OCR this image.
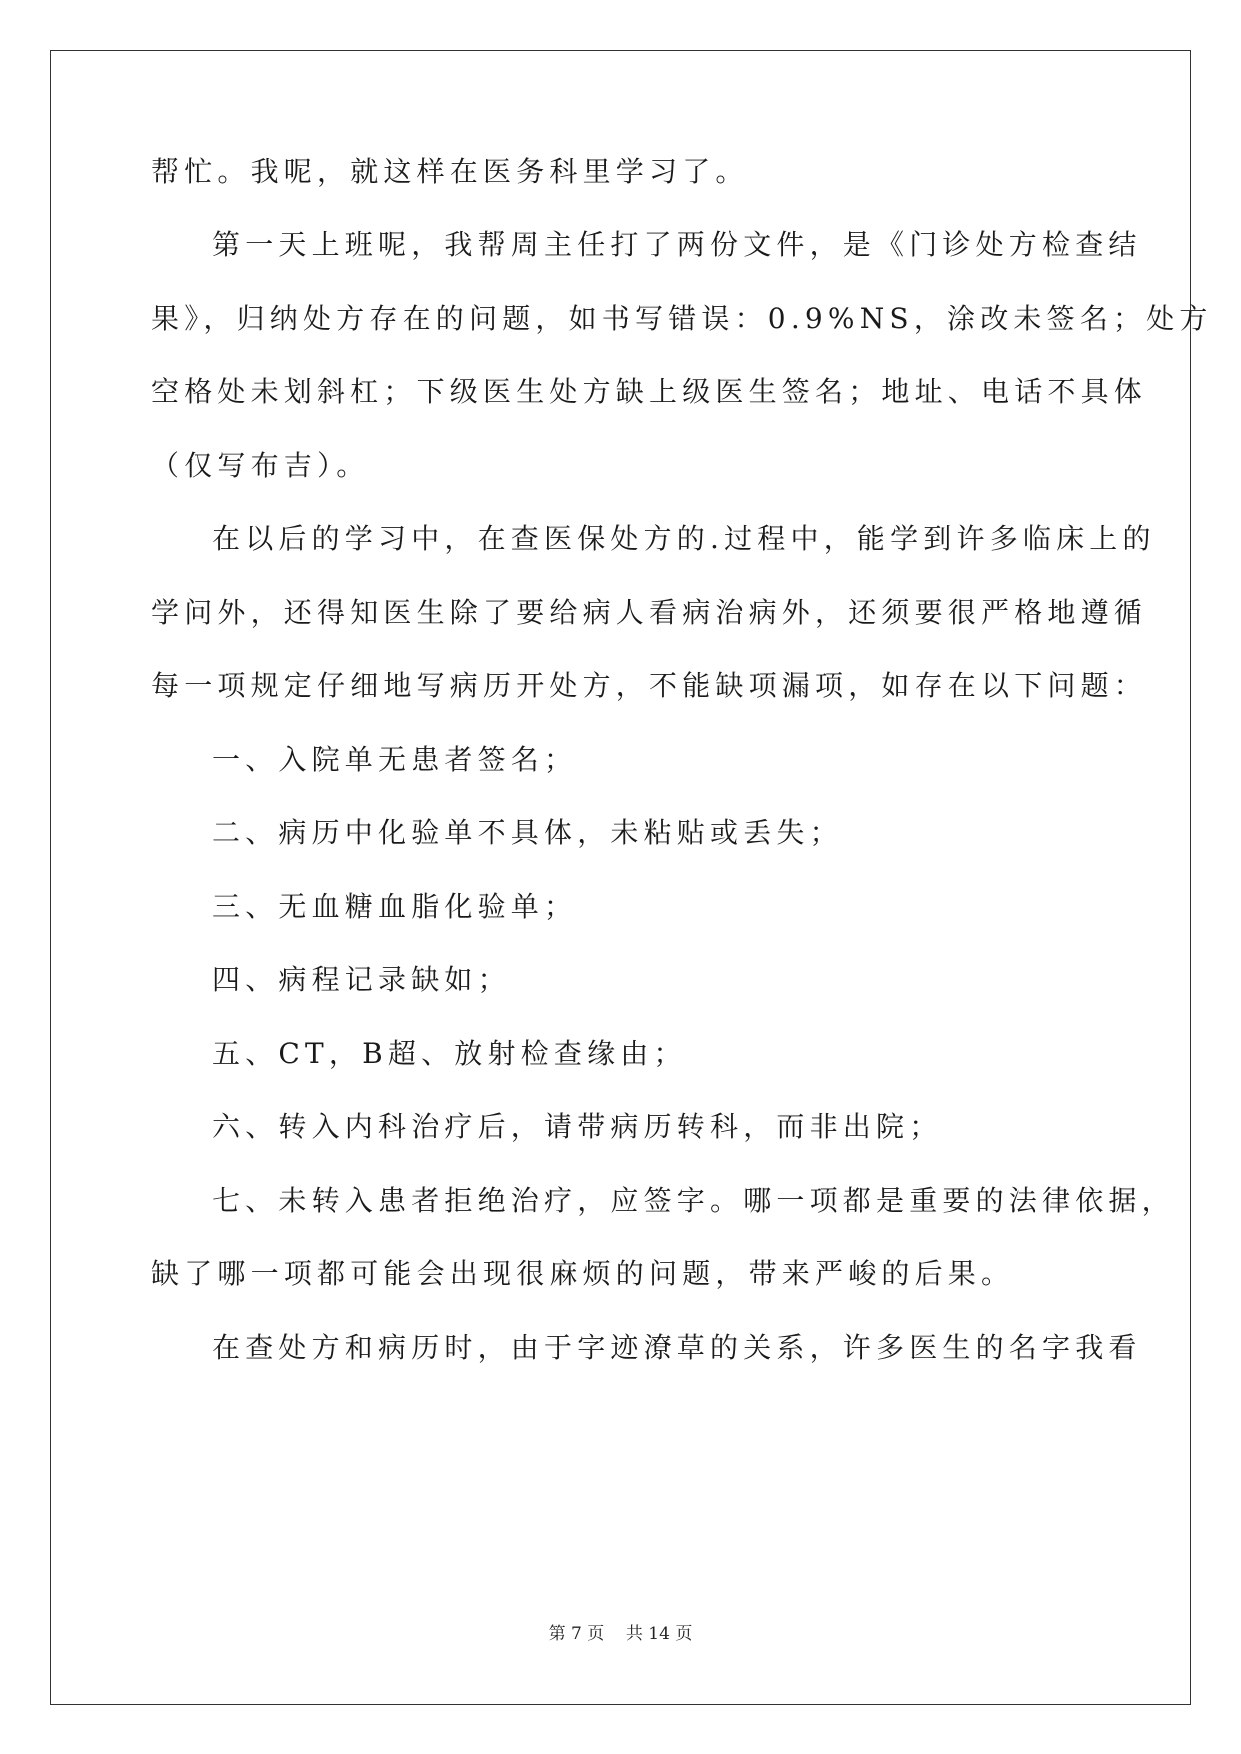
帮忙。我呢，就这样在医务科里学习了。

第一天上班呢，我帮周主任打了两份文件，是《门诊处方检查结

果》，归纳处方存在的问题，如书写错误：0.9%NS，涂改未签名；处方

空格处未划斜杠；下级医生处方缺上级医生签名；地址、电话不具体

（仅写布吉）。

在以后的学习中，在查医保处方的.过程中，能学到许多临床上的

学问外，还得知医生除了要给病人看病治病外，还须要很严格地遵循

每一项规定仔细地写病历开处方，不能缺项漏项，如存在以下问题：

一、入院单无患者签名；

二、病历中化验单不具体，未粘贴或丢失；

三、无血糖血脂化验单；

四、病程记录缺如；

五、CT，B超、放射检查缘由；

六、转入内科治疗后，请带病历转科，而非出院；

七、未转入患者拒绝治疗，应签字。哪一项都是重要的法律依据，

缺了哪一项都可能会出现很麻烦的问题，带来严峻的后果。

在查处方和病历时，由于字迹潦草的关系，许多医生的名字我看

第 7 页    共 14 页
